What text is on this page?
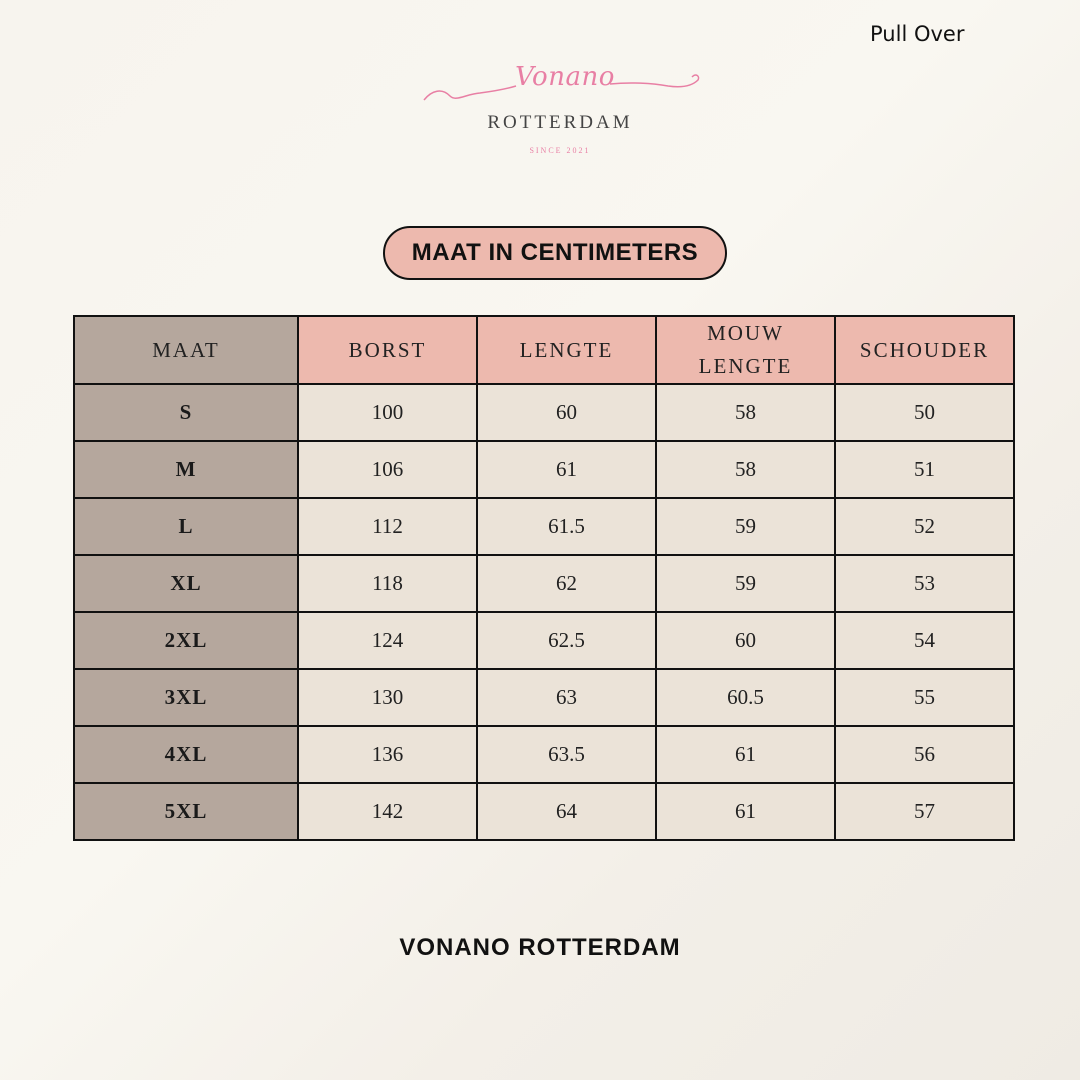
Pull Over
Vonano
ROTTERDAM
SINCE 2021
MAAT IN CENTIMETERS
MAAT	BORST	LENGTE	MOUW LENGTE	SCHOUDER
S	100	60	58	50
M	106	61	58	51
L	112	61.5	59	52
XL	118	62	59	53
2XL	124	62.5	60	54
3XL	130	63	60.5	55
4XL	136	63.5	61	56
5XL	142	64	61	57
VONANO ROTTERDAM
